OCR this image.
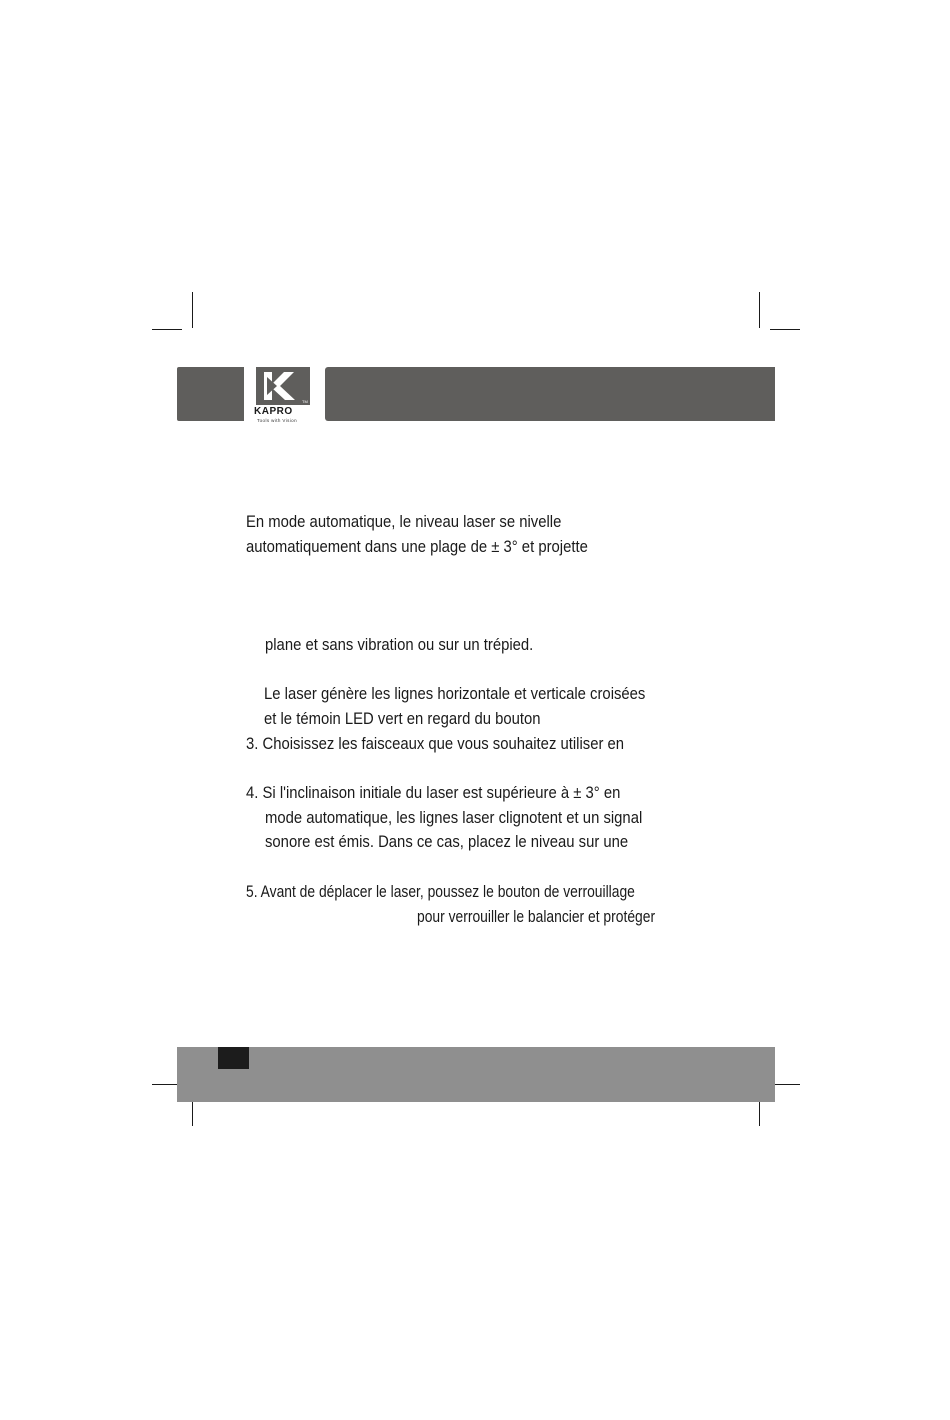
TM
KAPRO
Tools with Vision
En mode automatique, le niveau laser se nivelle
automatiquement dans une plage de ± 3° et projette
plane et sans vibration ou sur un trépied.
Le laser génère les lignes horizontale et verticale croisées
et le témoin LED vert en regard du bouton
3. Choisissez les faisceaux que vous souhaitez utiliser en
4. Si l'inclinaison initiale du laser est supérieure à ± 3° en
mode automatique, les lignes laser clignotent et un signal
sonore est émis. Dans ce cas, placez le niveau sur une
5. Avant de déplacer le laser, poussez le bouton de verrouillage
pour verrouiller le balancier et protéger
